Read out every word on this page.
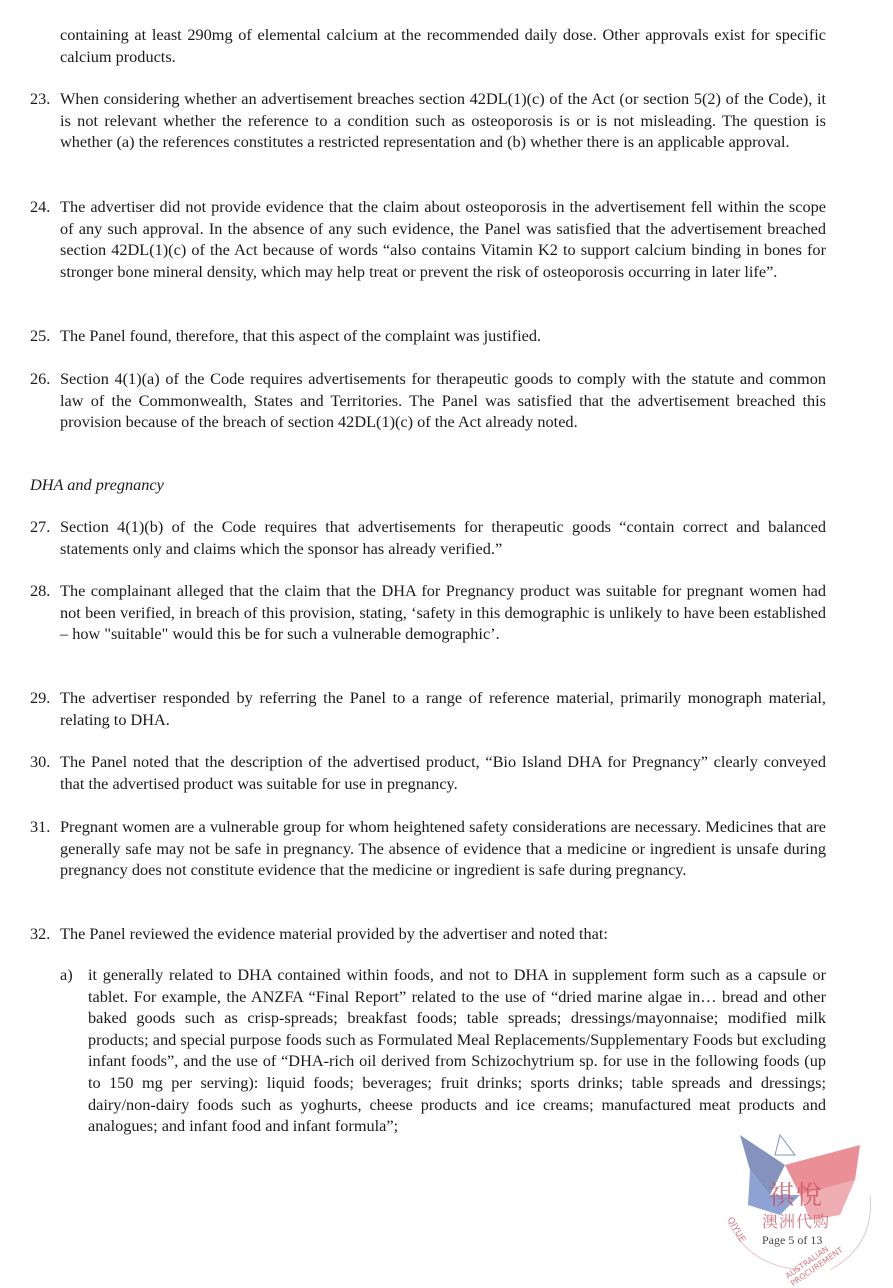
containing at least 290mg of elemental calcium at the recommended daily dose. Other approvals exist for specific calcium products.
23. When considering whether an advertisement breaches section 42DL(1)(c) of the Act (or section 5(2) of the Code), it is not relevant whether the reference to a condition such as osteoporosis is or is not misleading. The question is whether (a) the references constitutes a restricted representation and (b) whether there is an applicable approval.
24. The advertiser did not provide evidence that the claim about osteoporosis in the advertisement fell within the scope of any such approval. In the absence of any such evidence, the Panel was satisfied that the advertisement breached section 42DL(1)(c) of the Act because of words “also contains Vitamin K2 to support calcium binding in bones for stronger bone mineral density, which may help treat or prevent the risk of osteoporosis occurring in later life”.
25. The Panel found, therefore, that this aspect of the complaint was justified.
26. Section 4(1)(a) of the Code requires advertisements for therapeutic goods to comply with the statute and common law of the Commonwealth, States and Territories. The Panel was satisfied that the advertisement breached this provision because of the breach of section 42DL(1)(c) of the Act already noted.
DHA and pregnancy
27. Section 4(1)(b) of the Code requires that advertisements for therapeutic goods “contain correct and balanced statements only and claims which the sponsor has already verified.”
28. The complainant alleged that the claim that the DHA for Pregnancy product was suitable for pregnant women had not been verified, in breach of this provision, stating, ‘safety in this demographic is unlikely to have been established – how "suitable" would this be for such a vulnerable demographic’.
29. The advertiser responded by referring the Panel to a range of reference material, primarily monograph material, relating to DHA.
30. The Panel noted that the description of the advertised product, “Bio Island DHA for Pregnancy” clearly conveyed that the advertised product was suitable for use in pregnancy.
31. Pregnant women are a vulnerable group for whom heightened safety considerations are necessary. Medicines that are generally safe may not be safe in pregnancy. The absence of evidence that a medicine or ingredient is unsafe during pregnancy does not constitute evidence that the medicine or ingredient is safe during pregnancy.
32. The Panel reviewed the evidence material provided by the advertiser and noted that:
a) it generally related to DHA contained within foods, and not to DHA in supplement form such as a capsule or tablet. For example, the ANZFA “Final Report” related to the use of “dried marine algae in… bread and other baked goods such as crisp-spreads; breakfast foods; table spreads; dressings/mayonnaise; modified milk products; and special purpose foods such as Formulated Meal Replacements/Supplementary Foods but excluding infant foods”, and the use of “DHA-rich oil derived from Schizochytrium sp. for use in the following foods (up to 150 mg per serving): liquid foods; beverages; fruit drinks; sports drinks; table spreads and dressings; dairy/non-dairy foods such as yoghurts, cheese products and ice creams; manufactured meat products and analogues; and infant food and infant formula”;
祺悅
澳洲代购
QIYUE
AUSTRALIAN PROCUREMENT
Page 5 of 13
